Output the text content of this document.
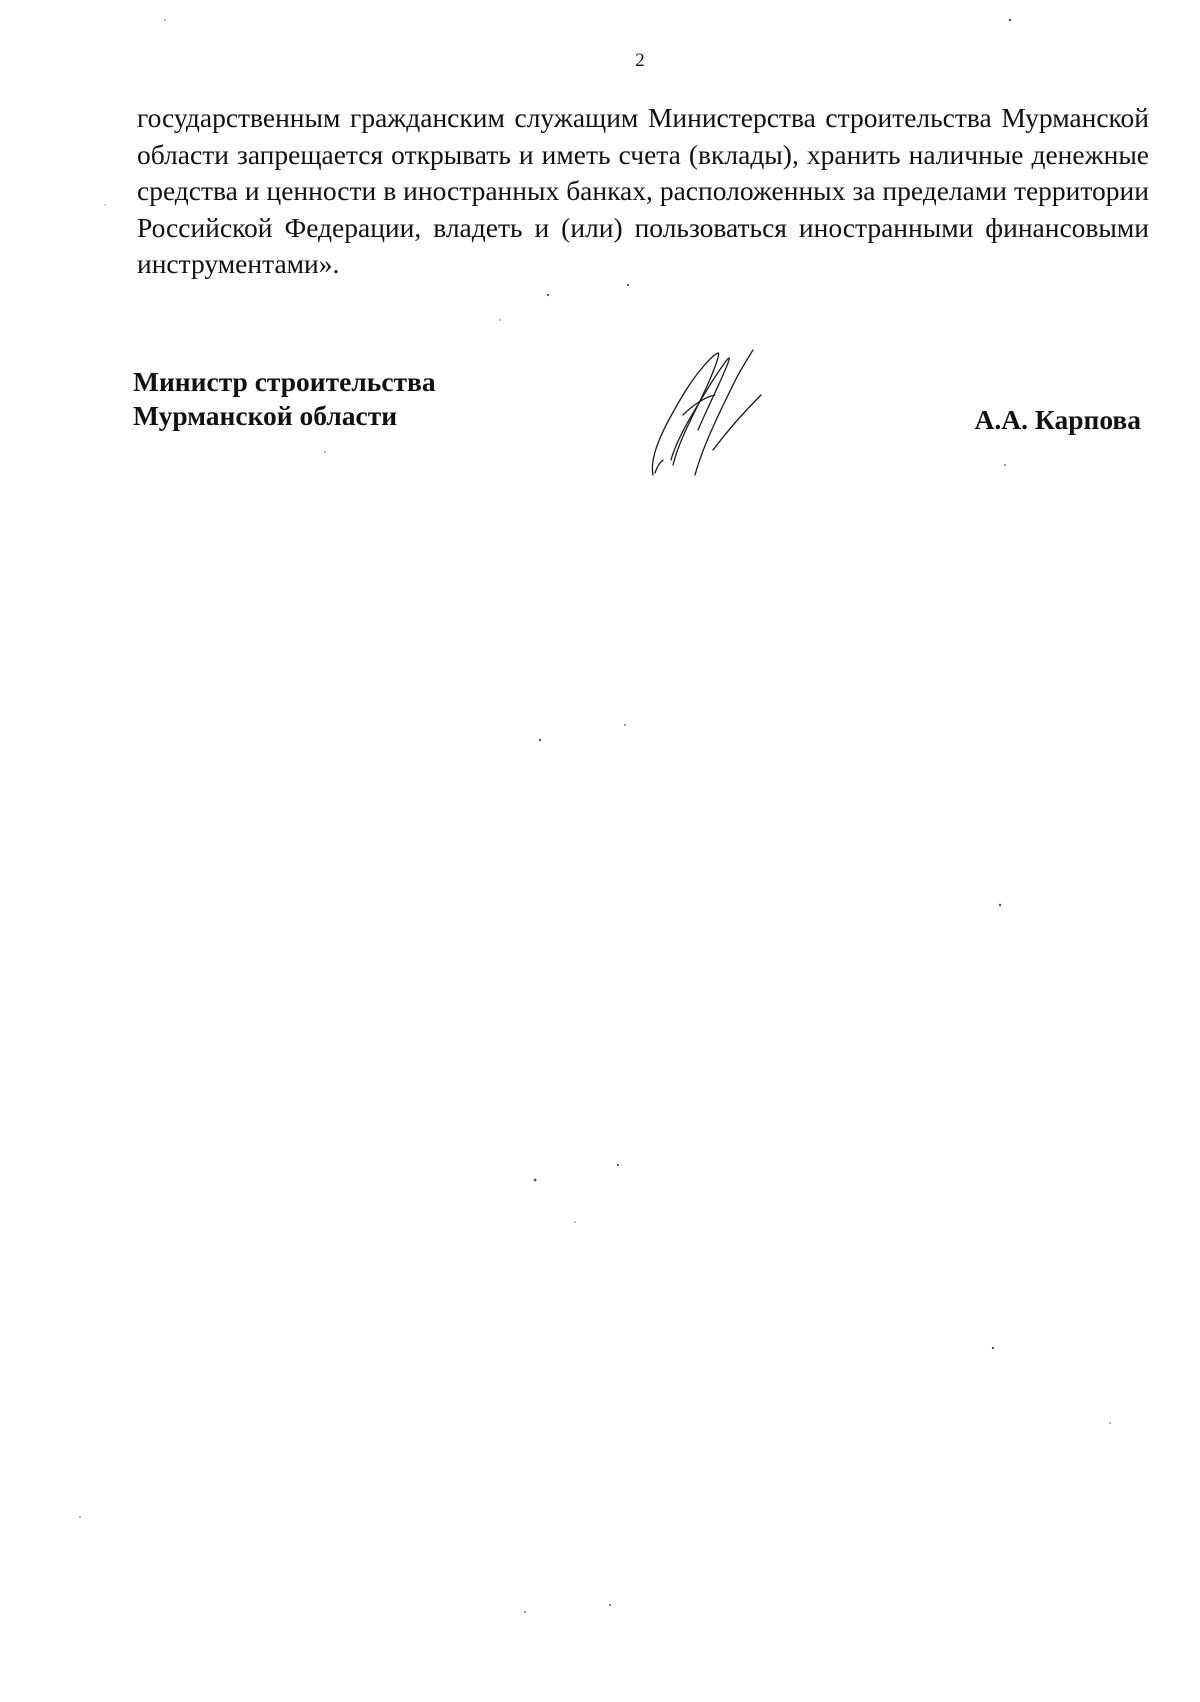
2

государственным гражданским служащим Министерства строительства Мурманской области запрещается открывать и иметь счета (вклады), хранить наличные денежные средства и ценности в иностранных банках, расположенных за пределами территории Российской Федерации, владеть и (или) пользоваться иностранными финансовыми инструментами».

Министр строительства
Мурманской области	А.А. Карпова
